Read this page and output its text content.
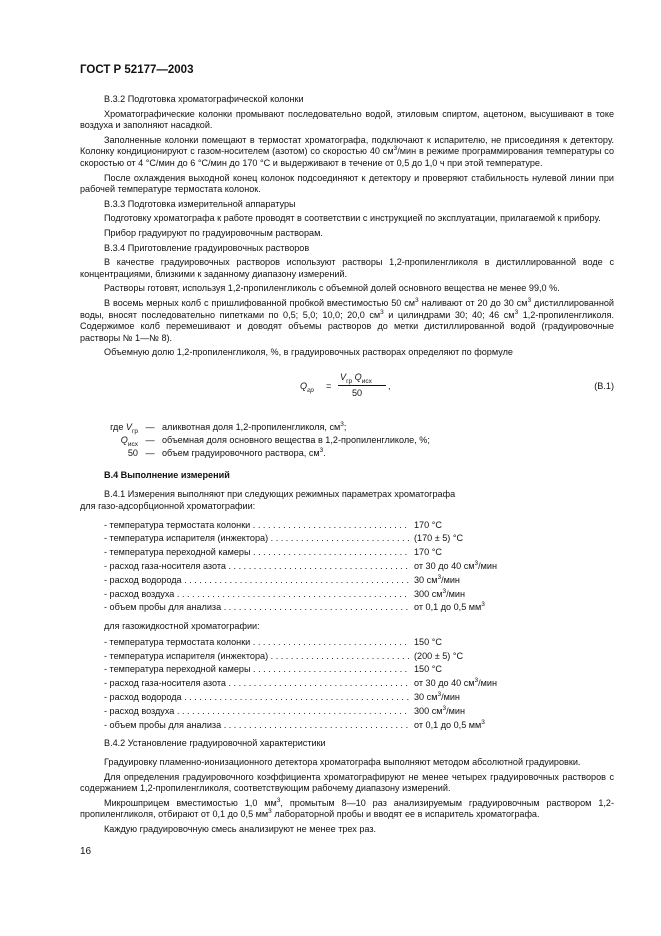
ГОСТ Р 52177—2003

В.3.2 Подготовка хроматографической колонки

Хроматографические колонки промывают последовательно водой, этиловым спиртом, ацетоном, высушивают в токе воздуха и заполняют насадкой.

Заполненные колонки помещают в термостат хроматографа, подключают к испарителю, не присоединяя к детектору. Колонку кондиционируют с газом-носителем (азотом) со скоростью 40 $см^3$/мин в режиме программирования температуры со скоростью от 4 °С/мин до 6 °С/мин до 170 °С и выдерживают в течение от 0,5 до 1,0 ч при этой температуре.

После охлаждения выходной конец колонок подсоединяют к детектору и проверяют стабильность нулевой линии при рабочей температуре термостата колонок.

В.3.3 Подготовка измерительной аппаратуры

Подготовку хроматографа к работе проводят в соответствии с инструкцией по эксплуатации, прилагаемой к прибору.

Прибор градуируют по градуировочным растворам.

В.3.4 Приготовление градуировочных растворов

В качестве градуировочных растворов используют растворы 1,2-пропиленгликоля в дистиллированной воде с концентрациями, близкими к заданному диапазону измерений.

Растворы готовят, используя 1,2-пропиленгликоль с объемной долей основного вещества не менее 99,0 %.

В восемь мерных колб с пришлифованной пробкой вместимостью 50 $см^3$ наливают от 20 до 30 $см^3$ дистиллированной воды, вносят последовательно пипетками по 0,5; 5,0; 10,0; 20,0 $см^3$ и цилиндрами 30; 40; 46 $см^3$ 1,2-пропиленгликоля. Содержимое колб перемешивают и доводят объемы растворов до метки дистиллированной водой (градуировочные растворы № 1—№ 8).

Объемную долю 1,2-пропиленгликоля, %, в градуировочных растворах определяют по формуле

$Q_{гр}$ =
$V_{гр}$ $Q_{исх}$
50
,	(В.1)
где $V_{гр}$ — аликвотная доля 1,2-пропиленгликоля, $см^3$;
$Q_{исх}$ — объемная доля основного вещества в 1,2-пропиленгликоле, %;
50 — объем градуировочного раствора, $см^3$.
В.4 Выполнение измерений

В.4.1 Измерения выполняют при следующих режимных параметрах хроматографа

для газо-адсорбционной хроматографии:

- температура термостата колонки . . .	170 °С
- температура испарителя (инжектора) . . .	(170 ± 5) °С
- температура переходной камеры . . .	170 °С
- расход газа-носителя азота . . .	от 30 до 40 $см^3$/мин
- расход водорода . . .	30 $см^3$/мин
- расход воздуха . . .	300 $см^3$/мин
- объем пробы для анализа . . .	от 0,1 до 0,5 $мм^3$

для газожидкостной хроматографии:

- температура термостата колонки . . .	150 °С
- температура испарителя (инжектора) . . .	(200 ± 5) °С
- температура переходной камеры . . .	150 °С
- расход газа-носителя азота . . .	от 30 до 40 $см^3$/мин
- расход водорода . . .	30 $см^3$/мин
- расход воздуха . . .	300 $см^3$/мин
- объем пробы для анализа . . .	от 0,1 до 0,5 $мм^3$

В.4.2 Установление градуировочной характеристики

Градуировку пламенно-ионизационного детектора хроматографа выполняют методом абсолютной градуировки.

Для определения градуировочного коэффициента хроматографируют не менее четырех градуировочных растворов с содержанием 1,2-пропиленгликоля, соответствующим рабочему диапазону измерений.

Микрошприцем вместимостью 1,0 $мм^3$, промытым 8—10 раз анализируемым градуировочным раствором 1,2-пропиленгликоля, отбирают от 0,1 до 0,5 $мм^3$ лабораторной пробы и вводят ее в испаритель хроматографа.

Каждую градуировочную смесь анализируют не менее трех раз.

16
